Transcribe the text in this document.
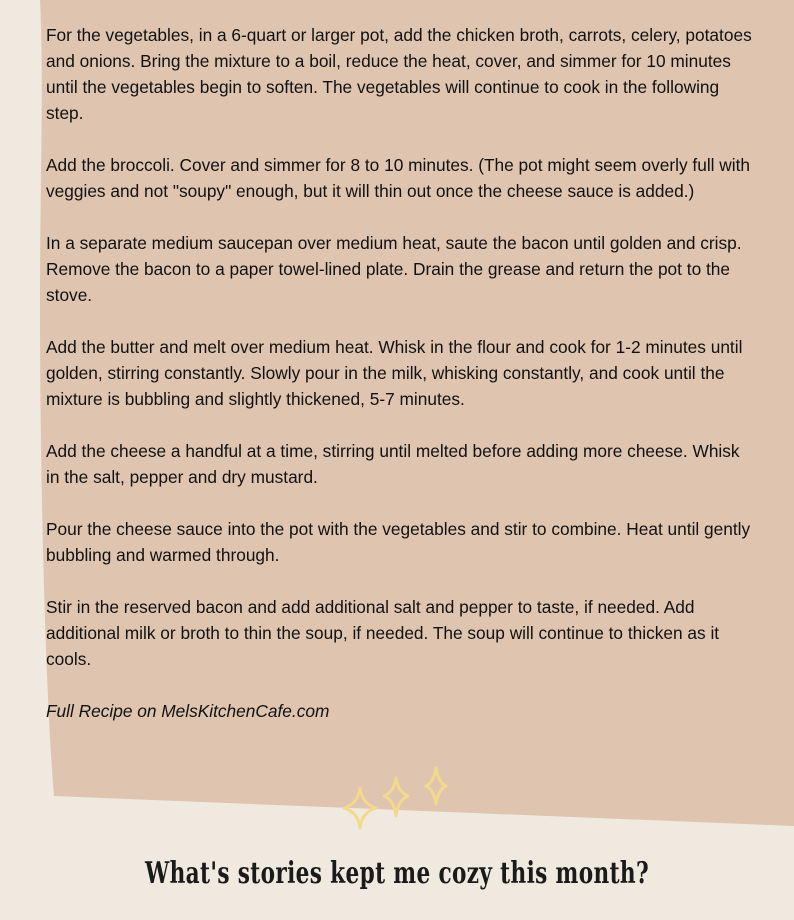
For the vegetables, in a 6-quart or larger pot, add the chicken broth, carrots, celery, potatoes and onions. Bring the mixture to a boil, reduce the heat, cover, and simmer for 10 minutes until the vegetables begin to soften. The vegetables will continue to cook in the following step.

Add the broccoli. Cover and simmer for 8 to 10 minutes. (The pot might seem overly full with veggies and not "soupy" enough, but it will thin out once the cheese sauce is added.)

In a separate medium saucepan over medium heat, saute the bacon until golden and crisp. Remove the bacon to a paper towel-lined plate. Drain the grease and return the pot to the stove.

Add the butter and melt over medium heat. Whisk in the flour and cook for 1-2 minutes until golden, stirring constantly. Slowly pour in the milk, whisking constantly, and cook until the mixture is bubbling and slightly thickened, 5-7 minutes.

Add the cheese a handful at a time, stirring until melted before adding more cheese. Whisk in the salt, pepper and dry mustard.

Pour the cheese sauce into the pot with the vegetables and stir to combine. Heat until gently bubbling and warmed through.

Stir in the reserved bacon and add additional salt and pepper to taste, if needed. Add additional milk or broth to thin the soup, if needed. The soup will continue to thicken as it cools.

Full Recipe on MelsKitchenCafe.com

What's stories kept me cozy this month?
